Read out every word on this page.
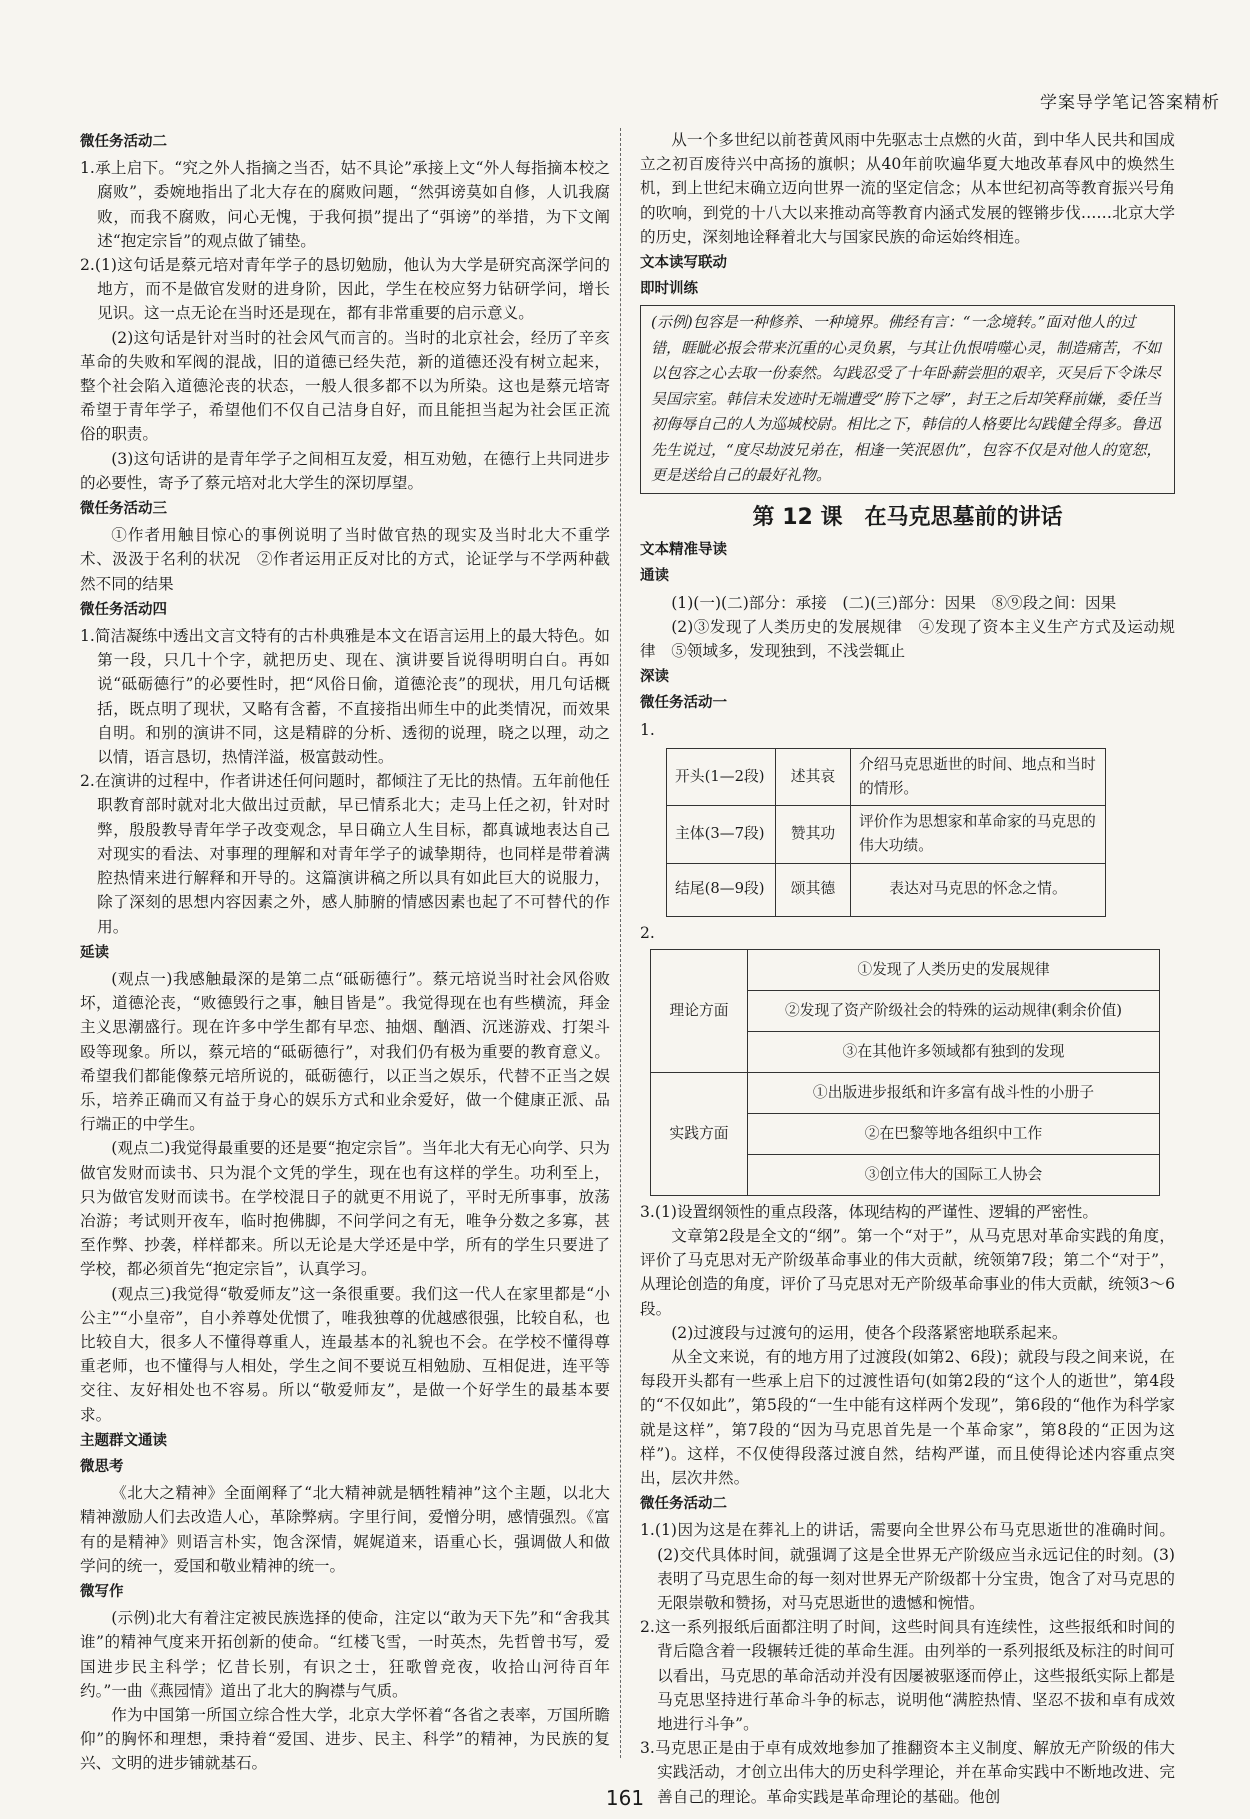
学案导学笔记答案精析
微任务活动二

1.承上启下。“究之外人指摘之当否，姑不具论”承接上文“外人每指摘本校之腐败”，委婉地指出了北大存在的腐败问题，“然弭谤莫如自修，人讥我腐败，而我不腐败，问心无愧，于我何损”提出了“弭谤”的举措，为下文阐述“抱定宗旨”的观点做了铺垫。

2.(1)这句话是蔡元培对青年学子的恳切勉励，他认为大学是研究高深学问的地方，而不是做官发财的进身阶，因此，学生在校应努力钻研学问，增长见识。这一点无论在当时还是现在，都有非常重要的启示意义。

(2)这句话是针对当时的社会风气而言的。当时的北京社会，经历了辛亥革命的失败和军阀的混战，旧的道德已经失范，新的道德还没有树立起来，整个社会陷入道德沦丧的状态，一般人很多都不以为所染。这也是蔡元培寄希望于青年学子，希望他们不仅自己洁身自好，而且能担当起为社会匡正流俗的职责。

(3)这句话讲的是青年学子之间相互友爱，相互劝勉，在德行上共同进步的必要性，寄予了蔡元培对北大学生的深切厚望。

微任务活动三

①作者用触目惊心的事例说明了当时做官热的现实及当时北大不重学术、汲汲于名利的状况　②作者运用正反对比的方式，论证学与不学两种截然不同的结果

微任务活动四

1.简洁凝练中透出文言文特有的古朴典雅是本文在语言运用上的最大特色。如第一段，只几十个字，就把历史、现在、演讲要旨说得明明白白。再如说“砥砺德行”的必要性时，把“风俗日偷，道德沦丧”的现状，用几句话概括，既点明了现状，又略有含蓄，不直接指出师生中的此类情况，而效果自明。和别的演讲不同，这是精辟的分析、透彻的说理，晓之以理，动之以情，语言恳切，热情洋溢，极富鼓动性。

2.在演讲的过程中，作者讲述任何问题时，都倾注了无比的热情。五年前他任职教育部时就对北大做出过贡献，早已情系北大；走马上任之初，针对时弊，殷殷教导青年学子改变观念，早日确立人生目标，都真诚地表达自己对现实的看法、对事理的理解和对青年学子的诚挚期待，也同样是带着满腔热情来进行解释和开导的。这篇演讲稿之所以具有如此巨大的说服力，除了深刻的思想内容因素之外，感人肺腑的情感因素也起了不可替代的作用。

延读

(观点一)我感触最深的是第二点“砥砺德行”。蔡元培说当时社会风俗败坏，道德沦丧，“败德毁行之事，触目皆是”。我觉得现在也有些横流，拜金主义思潮盛行。现在许多中学生都有早恋、抽烟、酗酒、沉迷游戏、打架斗殴等现象。所以，蔡元培的“砥砺德行”，对我们仍有极为重要的教育意义。希望我们都能像蔡元培所说的，砥砺德行，以正当之娱乐，代替不正当之娱乐，培养正确而又有益于身心的娱乐方式和业余爱好，做一个健康正派、品行端正的中学生。

(观点二)我觉得最重要的还是要“抱定宗旨”。当年北大有无心向学、只为做官发财而读书、只为混个文凭的学生，现在也有这样的学生。功利至上，只为做官发财而读书。在学校混日子的就更不用说了，平时无所事事，放荡冶游；考试则开夜车，临时抱佛脚，不问学问之有无，唯争分数之多寡，甚至作弊、抄袭，样样都来。所以无论是大学还是中学，所有的学生只要进了学校，都必须首先“抱定宗旨”，认真学习。

(观点三)我觉得“敬爱师友”这一条很重要。我们这一代人在家里都是“小公主”“小皇帝”，自小养尊处优惯了，唯我独尊的优越感很强，比较自私，也比较自大，很多人不懂得尊重人，连最基本的礼貌也不会。在学校不懂得尊重老师，也不懂得与人相处，学生之间不要说互相勉励、互相促进，连平等交往、友好相处也不容易。所以“敬爱师友”，是做一个好学生的最基本要求。

主题群文通读
微思考

《北大之精神》全面阐释了“北大精神就是牺牲精神”这个主题，以北大精神激励人们去改造人心，革除弊病。字里行间，爱憎分明，感情强烈。《富有的是精神》则语言朴实，饱含深情，娓娓道来，语重心长，强调做人和做学问的统一，爱国和敬业精神的统一。

微写作

(示例)北大有着注定被民族选择的使命，注定以“敢为天下先”和“舍我其谁”的精神气度来开拓创新的使命。“红楼飞雪，一时英杰，先哲曾书写，爱国进步民主科学；忆昔长别，有识之士，狂歌曾竞夜，收拾山河待百年约。”一曲《燕园情》道出了北大的胸襟与气质。

作为中国第一所国立综合性大学，北京大学怀着“各省之表率，万国所瞻仰”的胸怀和理想，秉持着“爱国、进步、民主、科学”的精神，为民族的复兴、文明的进步铺就基石。

从一个多世纪以前苍黄风雨中先驱志士点燃的火苗，到中华人民共和国成立之初百废待兴中高扬的旗帜；从40年前吹遍华夏大地改革春风中的焕然生机，到上世纪末确立迈向世界一流的坚定信念；从本世纪初高等教育振兴号角的吹响，到党的十八大以来推动高等教育内涵式发展的铿锵步伐……北京大学的历史，深刻地诠释着北大与国家民族的命运始终相连。

文本读写联动
即时训练
(示例)包容是一种修养、一种境界。佛经有言：“一念境转。”面对他人的过错，睚眦必报会带来沉重的心灵负累，与其让仇恨啃噬心灵，制造痛苦，不如以包容之心去取一份泰然。勾践忍受了十年卧薪尝胆的艰辛，灭吴后下令诛尽吴国宗室。韩信未发迹时无端遭受“胯下之辱”，封王之后却笑释前嫌，委任当初侮辱自己的人为巡城校尉。相比之下，韩信的人格要比勾践健全得多。鲁迅先生说过，“度尽劫波兄弟在，相逢一笑泯恩仇”，包容不仅是对他人的宽恕，更是送给自己的最好礼物。
第 12 课　在马克思墓前的讲话
文本精准导读
通读

(1)(一)(二)部分：承接　(二)(三)部分：因果　⑧⑨段之间：因果

(2)③发现了人类历史的发展规律　④发现了资本主义生产方式及运动规律　⑤领域多，发现独到，不浅尝辄止

深读
微任务活动一
1.
开头(1—2段)	述其哀	介绍马克思逝世的时间、地点和当时的情形。
主体(3—7段)	赞其功	评价作为思想家和革命家的马克思的伟大功绩。
结尾(8—9段)	颂其德	表达对马克思的怀念之情。
2.
理论方面	①发现了人类历史的发展规律
	②发现了资产阶级社会的特殊的运动规律(剩余价值)
	③在其他许多领域都有独到的发现
实践方面	①出版进步报纸和许多富有战斗性的小册子
	②在巴黎等地各组织中工作
	③创立伟大的国际工人协会

3.(1)设置纲领性的重点段落，体现结构的严谨性、逻辑的严密性。

文章第2段是全文的“纲”。第一个“对于”，从马克思对革命实践的角度，评价了马克思对无产阶级革命事业的伟大贡献，统领第7段；第二个“对于”，从理论创造的角度，评价了马克思对无产阶级革命事业的伟大贡献，统领3～6段。

(2)过渡段与过渡句的运用，使各个段落紧密地联系起来。

从全文来说，有的地方用了过渡段(如第2、6段)；就段与段之间来说，在每段开头都有一些承上启下的过渡性语句(如第2段的“这个人的逝世”，第4段的“不仅如此”，第5段的“一生中能有这样两个发现”，第6段的“他作为科学家就是这样”，第7段的“因为马克思首先是一个革命家”，第8段的“正因为这样”)。这样，不仅使得段落过渡自然，结构严谨，而且使得论述内容重点突出，层次井然。

微任务活动二

1.(1)因为这是在葬礼上的讲话，需要向全世界公布马克思逝世的准确时间。(2)交代具体时间，就强调了这是全世界无产阶级应当永远记住的时刻。(3)表明了马克思生命的每一刻对世界无产阶级都十分宝贵，饱含了对马克思的无限崇敬和赞扬，对马克思逝世的遗憾和惋惜。

2.这一系列报纸后面都注明了时间，这些时间具有连续性，这些报纸和时间的背后隐含着一段辗转迁徙的革命生涯。由列举的一系列报纸及标注的时间可以看出，马克思的革命活动并没有因屡被驱逐而停止，这些报纸实际上都是马克思坚持进行革命斗争的标志，说明他“满腔热情、坚忍不拔和卓有成效地进行斗争”。

3.马克思正是由于卓有成效地参加了推翻资本主义制度、解放无产阶级的伟大实践活动，才创立出伟大的历史科学理论，并在革命实践中不断地改进、完善自己的理论。革命实践是革命理论的基础。他创

161
